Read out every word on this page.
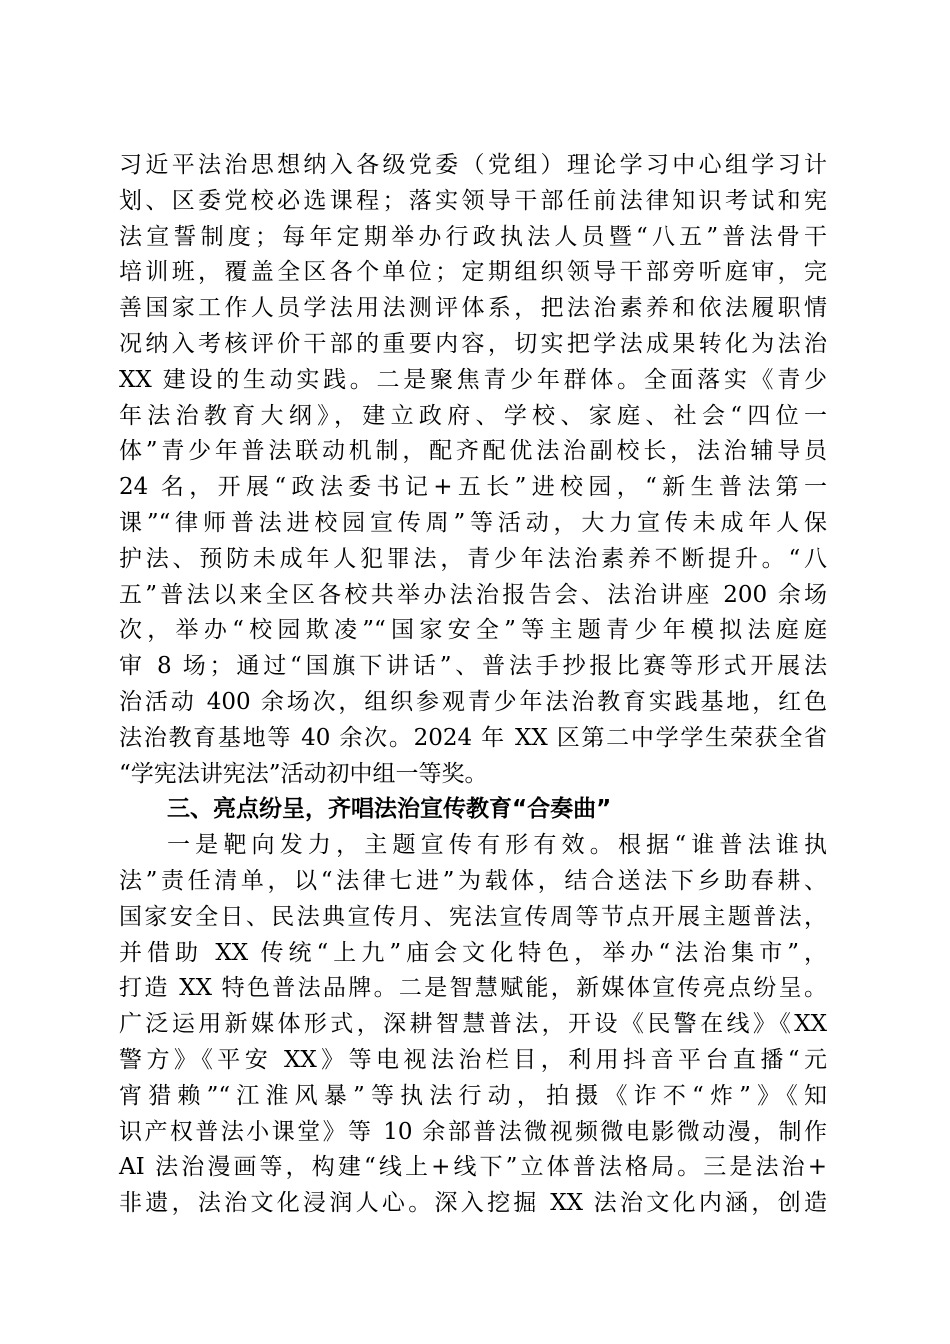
习近平法治思想纳入各级党委（党组）理论学习中心组学习计
划、区委党校必选课程；落实领导干部任前法律知识考试和宪
法宣誓制度；每年定期举办行政执法人员暨“八五”普法骨干
培训班，覆盖全区各个单位；定期组织领导干部旁听庭审，完
善国家工作人员学法用法测评体系，把法治素养和依法履职情
况纳入考核评价干部的重要内容，切实把学法成果转化为法治
XX 建设的生动实践。二是聚焦青少年群体。全面落实《青少
年法治教育大纲》，建立政府、学校、家庭、社会“四位一
体”青少年普法联动机制，配齐配优法治副校长，法治辅导员
24 名，开展“政法委书记+五长”进校园，“新生普法第一
课”“律师普法进校园宣传周”等活动，大力宣传未成年人保
护法、预防未成年人犯罪法，青少年法治素养不断提升。“八
五”普法以来全区各校共举办法治报告会、法治讲座 200 余场
次，举办“校园欺凌”“国家安全”等主题青少年模拟法庭庭
审 8 场；通过“国旗下讲话”、普法手抄报比赛等形式开展法
治活动 400 余场次，组织参观青少年法治教育实践基地，红色
法治教育基地等 40 余次。2024 年 XX 区第二中学学生荣获全省
“学宪法讲宪法”活动初中组一等奖。
三、亮点纷呈，齐唱法治宣传教育“合奏曲”
一是靶向发力，主题宣传有形有效。根据“谁普法谁执
法”责任清单，以“法律七进”为载体，结合送法下乡助春耕、
国家安全日、民法典宣传月、宪法宣传周等节点开展主题普法，
并借助 XX 传统“上九”庙会文化特色，举办“法治集市”，
打造 XX 特色普法品牌。二是智慧赋能，新媒体宣传亮点纷呈。
广泛运用新媒体形式，深耕智慧普法，开设《民警在线》《XX
警方》《平安 XX》等电视法治栏目，利用抖音平台直播“元
宵猎赖”“江淮风暴”等执法行动，拍摄《诈不“炸”》《知
识产权普法小课堂》等 10 余部普法微视频微电影微动漫，制作
AI 法治漫画等，构建“线上+线下”立体普法格局。三是法治+
非遗，法治文化浸润人心。深入挖掘 XX 法治文化内涵，创造
